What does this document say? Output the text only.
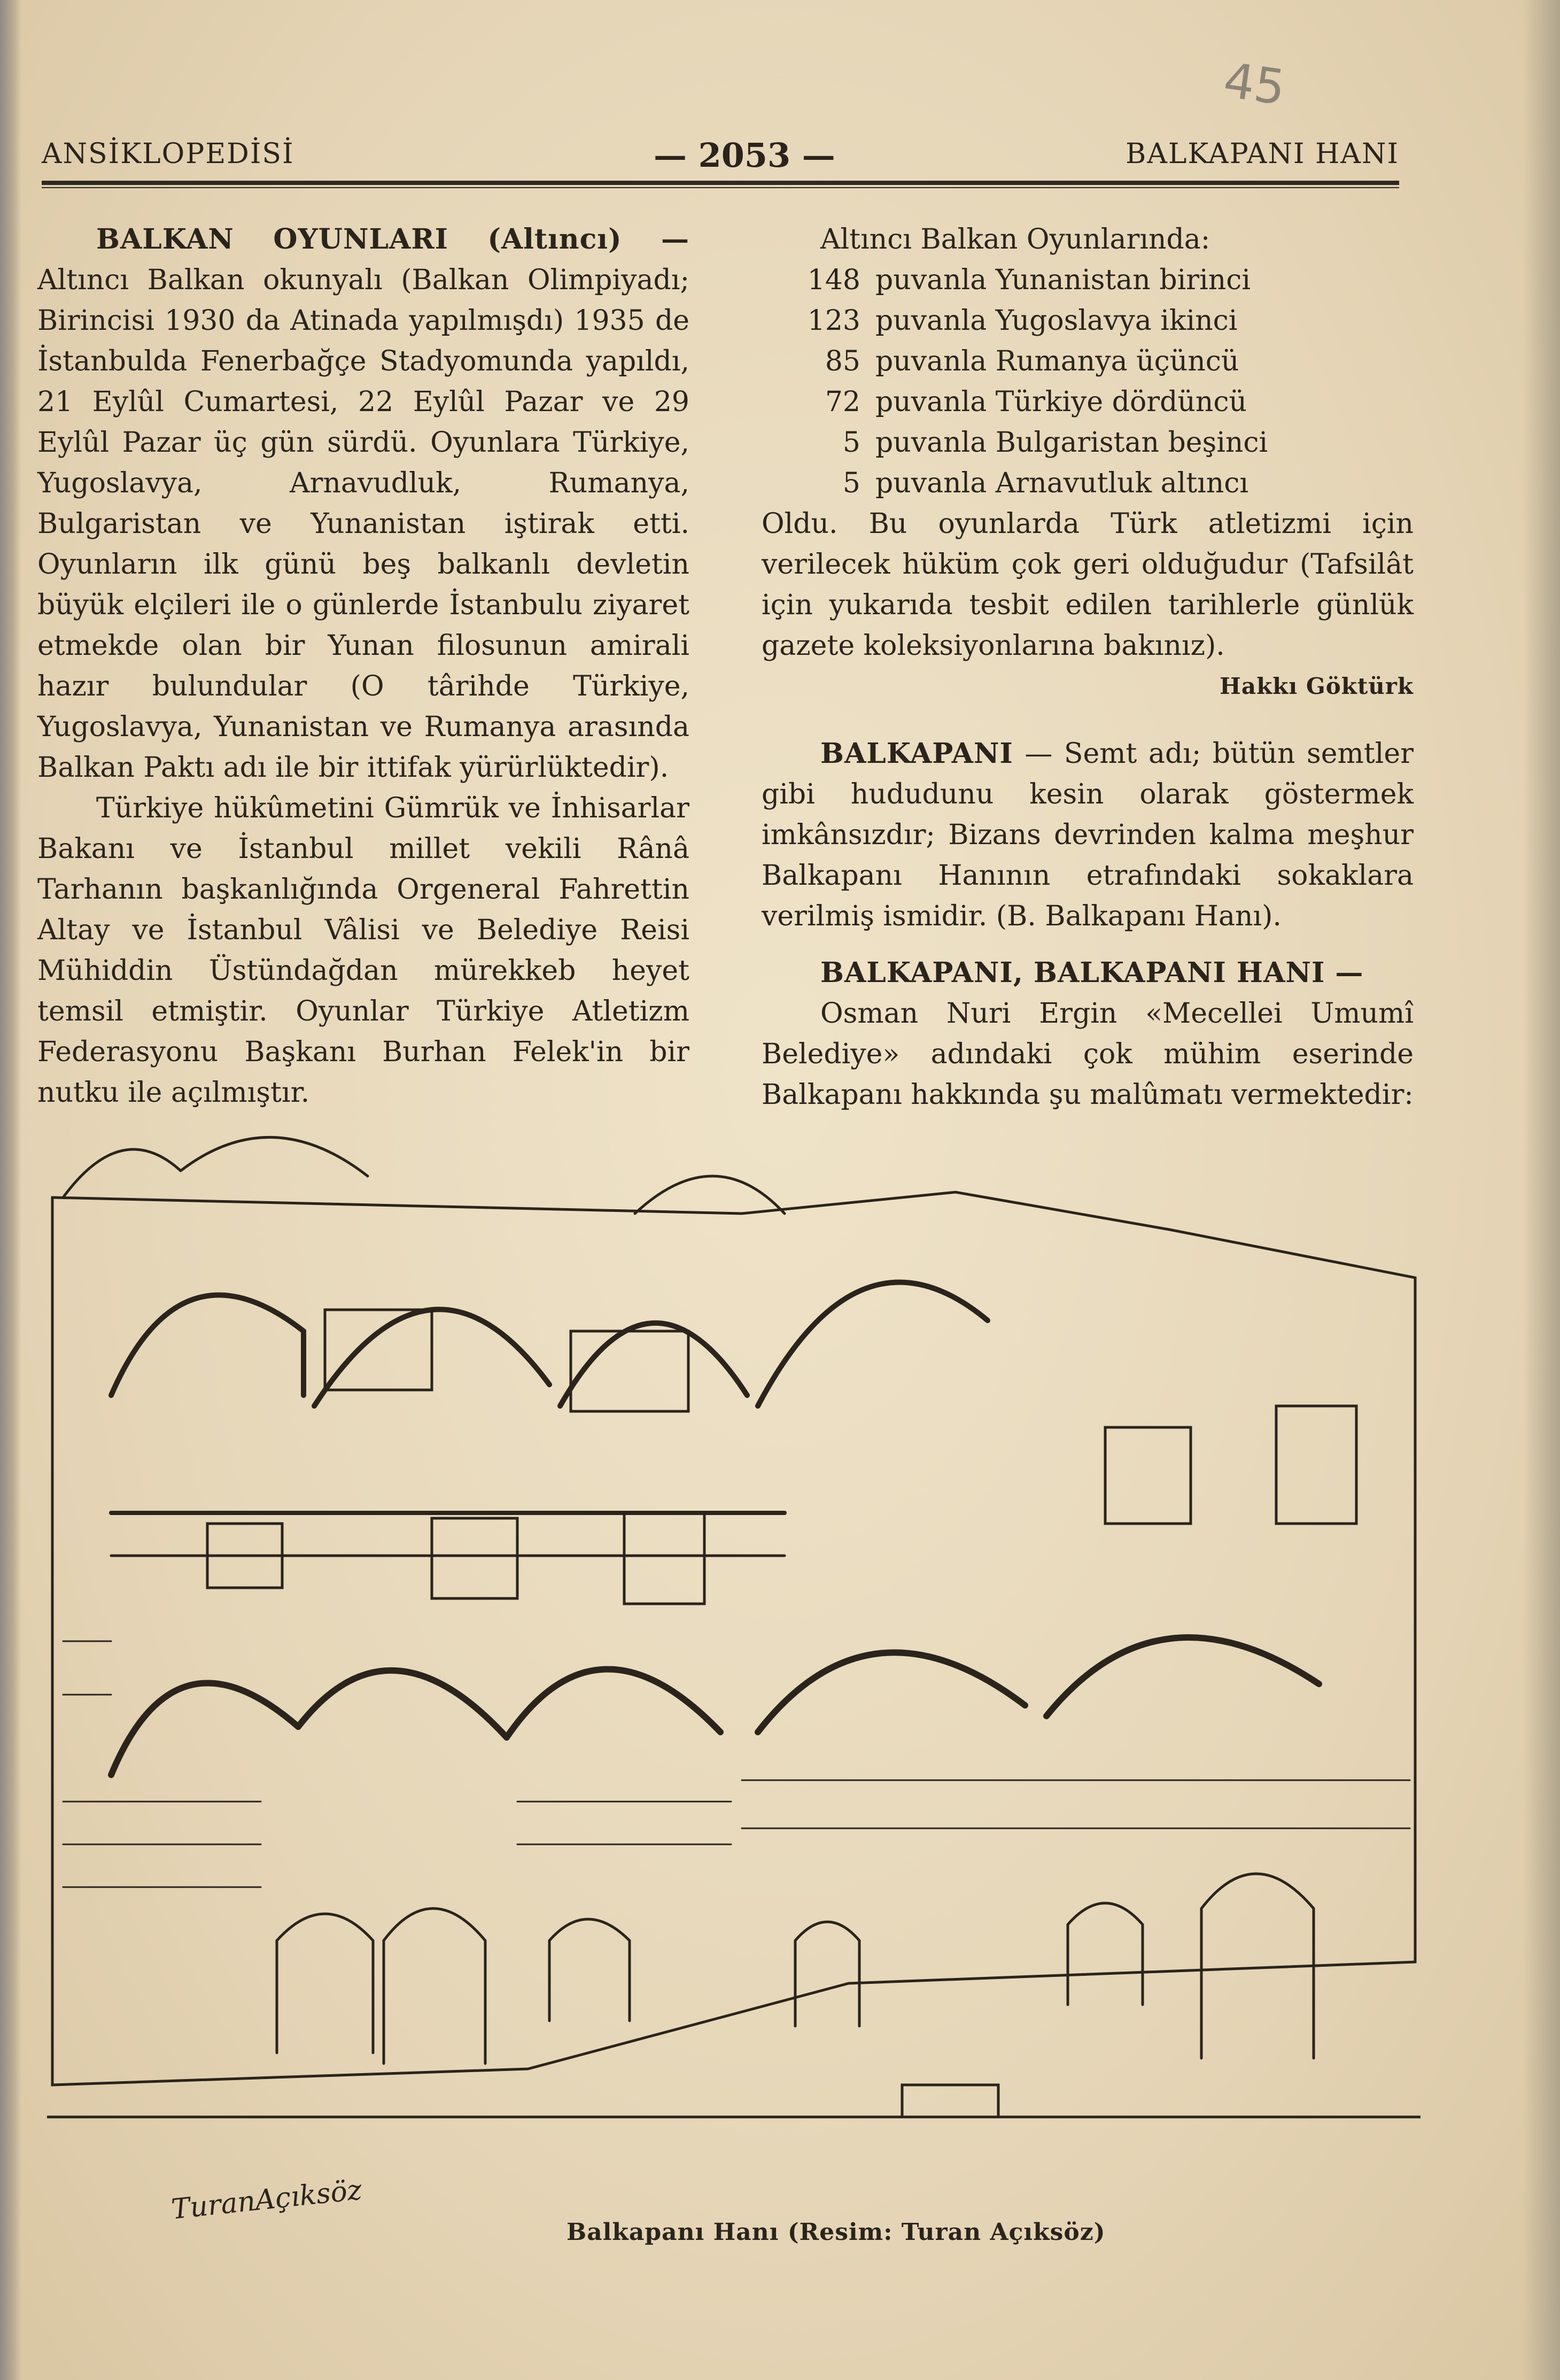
45
ANSİKLOPEDİSİ	— 2053 —	BALKAPANI HANI

BALKAN OYUNLARI (Altıncı) — Altıncı Balkan okunyalı (Balkan Olimpiyadı; Birincisi 1930 da Atinada yapılmışdı) 1935 de İstanbulda Fenerbağçe Stadyomunda yapıldı, 21 Eylûl Cumartesi, 22 Eylûl Pazar ve 29 Eylûl Pazar üç gün sürdü. Oyunlara Türkiye, Yugoslavya, Arnavudluk, Rumanya, Bulgaristan ve Yunanistan iştirak etti. Oyunların ilk günü beş balkanlı devletin büyük elçileri ile o günlerde İstanbulu ziyaret etmekde olan bir Yunan filosunun amirali hazır bulundular (O târihde Türkiye, Yugoslavya, Yunanistan ve Rumanya arasında Balkan Paktı adı ile bir ittifak yürürlüktedir).

Türkiye hükûmetini Gümrük ve İnhisarlar Bakanı ve İstanbul millet vekili Rânâ Tarhanın başkanlığında Orgeneral Fahrettin Altay ve İstanbul Vâlisi ve Belediye Reisi Mühiddin Üstündağdan mürekkeb heyet temsil etmiştir. Oyunlar Türkiye Atletizm Federasyonu Başkanı Burhan Felek'in bir nutku ile açılmıştır.

Altıncı Balkan Oyunlarında:

148 puvanla Yunanistan birinci
123 puvanla Yugoslavya ikinci
85 puvanla Rumanya üçüncü
72 puvanla Türkiye dördüncü
5 puvanla Bulgaristan beşinci
5 puvanla Arnavutluk altıncı

Oldu. Bu oyunlarda Türk atletizmi için verilecek hüküm çok geri olduğudur (Tafsilât için yukarıda tesbit edilen tarihlerle günlük gazete koleksiyonlarına bakınız).

Hakkı Göktürk

BALKAPANI — Semt adı; bütün semtler gibi hududunu kesin olarak göstermek imkânsızdır; Bizans devrinden kalma meşhur Balkapanı Hanının etrafındaki sokaklara verilmiş ismidir. (B. Balkapanı Hanı).

BALKAPANI, BALKAPANI HANI —

Osman Nuri Ergin «Mecellei Umumî Belediye» adındaki çok mühim eserinde Balkapanı hakkında şu malûmatı vermektedir:

TuranAçıksöz
Balkapanı Hanı (Resim: Turan Açıksöz)
